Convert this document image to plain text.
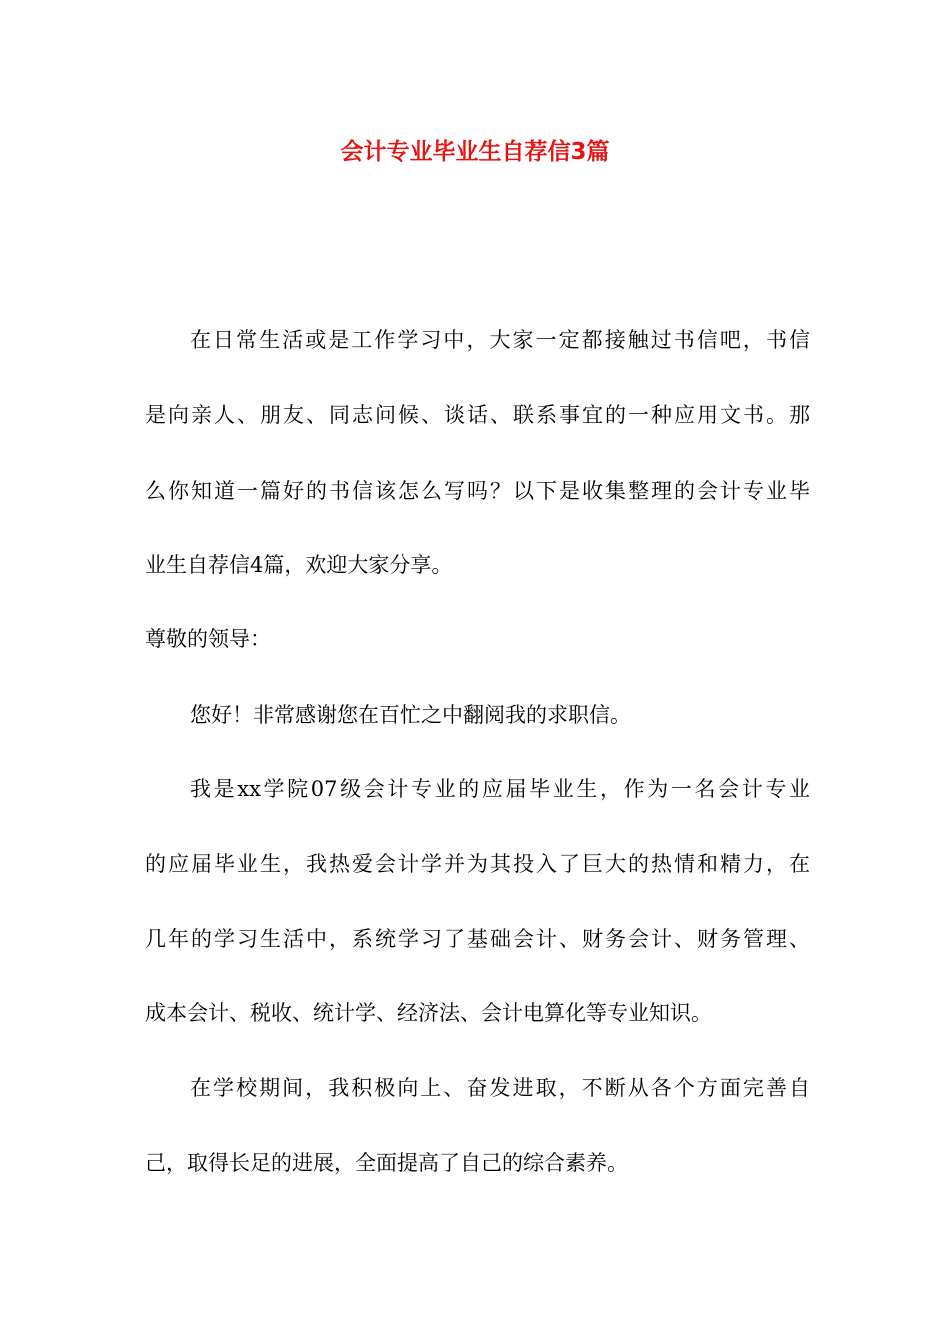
会计专业毕业生自荐信3篇

在日常生活或是工作学习中，大家一定都接触过书信吧，书信

是向亲人、朋友、同志问候、谈话、联系事宜的一种应用文书。那

么你知道一篇好的书信该怎么写吗？以下是收集整理的会计专业毕

业生自荐信4篇，欢迎大家分享。

尊敬的领导：

您好！非常感谢您在百忙之中翻阅我的求职信。

我是xx学院07级会计专业的应届毕业生，作为一名会计专业

的应届毕业生，我热爱会计学并为其投入了巨大的热情和精力，在

几年的学习生活中，系统学习了基础会计、财务会计、财务管理、

成本会计、税收、统计学、经济法、会计电算化等专业知识。

在学校期间，我积极向上、奋发进取，不断从各个方面完善自

己，取得长足的进展，全面提高了自己的综合素养。
